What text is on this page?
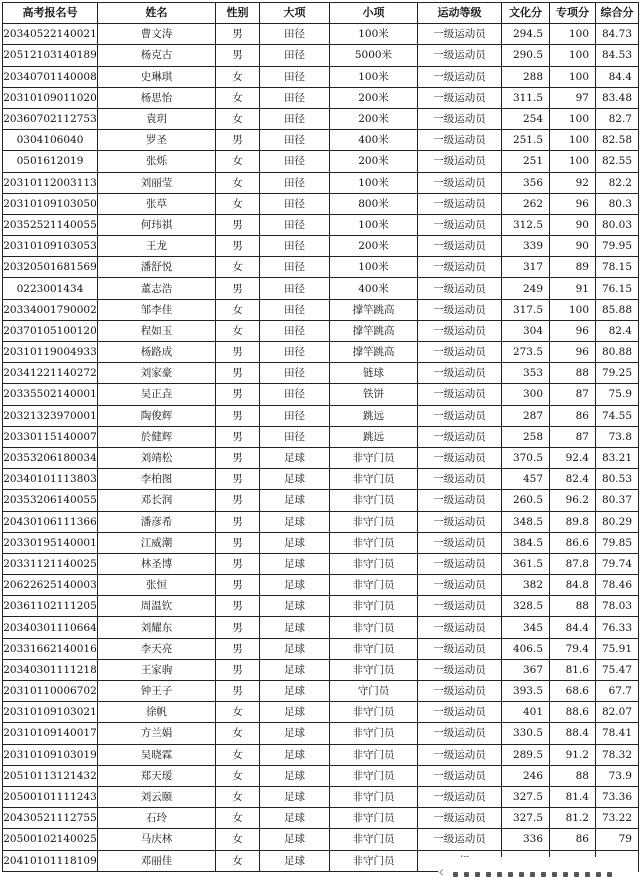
高考报名号	姓名	性别	大项	小项	运动等级	文化分	专项分	综合分
20340522140021	曹文涛	男	田径	100米	一级运动员	294.5	100	84.73
20512103140189	杨克古	男	田径	5000米	一级运动员	290.5	100	84.53
20340701140008	史琳琪	女	田径	100米	一级运动员	288	100	84.4
20310109011020	杨思怡	女	田径	200米	一级运动员	311.5	97	83.48
20360702112753	袁玥	女	田径	200米	一级运动员	254	100	82.7
0304106040	罗圣	男	田径	400米	一级运动员	251.5	100	82.58
0501612019	张烁	女	田径	200米	一级运动员	251	100	82.55
20310112003113	刘丽莹	女	田径	100米	一级运动员	356	92	82.2
20310109103050	张草	女	田径	800米	一级运动员	262	96	80.3
20352521140055	何玮祺	男	田径	100米	一级运动员	312.5	90	80.03
20310109103053	王龙	男	田径	200米	一级运动员	339	90	79.95
20320501681569	潘舒悦	女	田径	100米	一级运动员	317	89	78.15
0223001434	董志浩	男	田径	400米	一级运动员	249	91	76.15
20334001790002	邹李佳	女	田径	撑竿跳高	一级运动员	317.5	100	85.88
20370105100120	程如玉	女	田径	撑竿跳高	一级运动员	304	96	82.4
20310119004933	杨路成	男	田径	撑竿跳高	一级运动员	273.5	96	80.88
20341221140272	刘家豪	男	田径	链球	一级运动员	353	88	79.25
20335502140001	吴正垚	男	田径	铁饼	一级运动员	300	87	75.9
20321323970001	陶俊辉	男	田径	跳远	一级运动员	287	86	74.55
20330115140007	於健辉	男	田径	跳远	一级运动员	258	87	73.8
20353206180034	刘靖松	男	足球	非守门员	一级运动员	370.5	92.4	83.21
20340101113803	李柏图	男	足球	非守门员	一级运动员	457	82.4	80.53
20353206140055	邓长润	男	足球	非守门员	一级运动员	260.5	96.2	80.37
20430106111366	潘彦希	男	足球	非守门员	一级运动员	348.5	89.8	80.29
20330195140001	江威潮	男	足球	非守门员	一级运动员	384.5	86.6	79.85
20331121140025	林圣博	男	足球	非守门员	一级运动员	361.5	87.8	79.74
20622625140003	张恒	男	足球	非守门员	一级运动员	382	84.8	78.46
20361102111205	周温钦	男	足球	非守门员	一级运动员	328.5	88	78.03
20340301110664	刘耀东	男	足球	非守门员	一级运动员	345	84.4	76.33
20331662140016	李天亮	男	足球	非守门员	一级运动员	406.5	79.4	75.91
20340301111218	王家驹	男	足球	非守门员	一级运动员	367	81.6	75.47
20310110006702	钟王子	男	足球	守门员	一级运动员	393.5	68.6	67.7
20310109103021	徐帆	女	足球	非守门员	一级运动员	401	88.6	82.07
20310109140017	方兰娟	女	足球	非守门员	一级运动员	330.5	88.4	78.41
20310109103019	吴晓霖	女	足球	非守门员	一级运动员	289.5	91.2	78.32
20510113121432	郑天瑷	女	足球	非守门员	一级运动员	246	88	73.9
20500101111243	刘云颐	女	足球	非守门员	一级运动员	327.5	81.4	73.36
20430521112755	石玲	女	足球	非守门员	一级运动员	327.5	81.2	73.22
20500102140025	马庆林	女	足球	非守门员	一级运动员	336	86	79
20410101118109	邓丽佳	女	足球	非守门员				
‹
